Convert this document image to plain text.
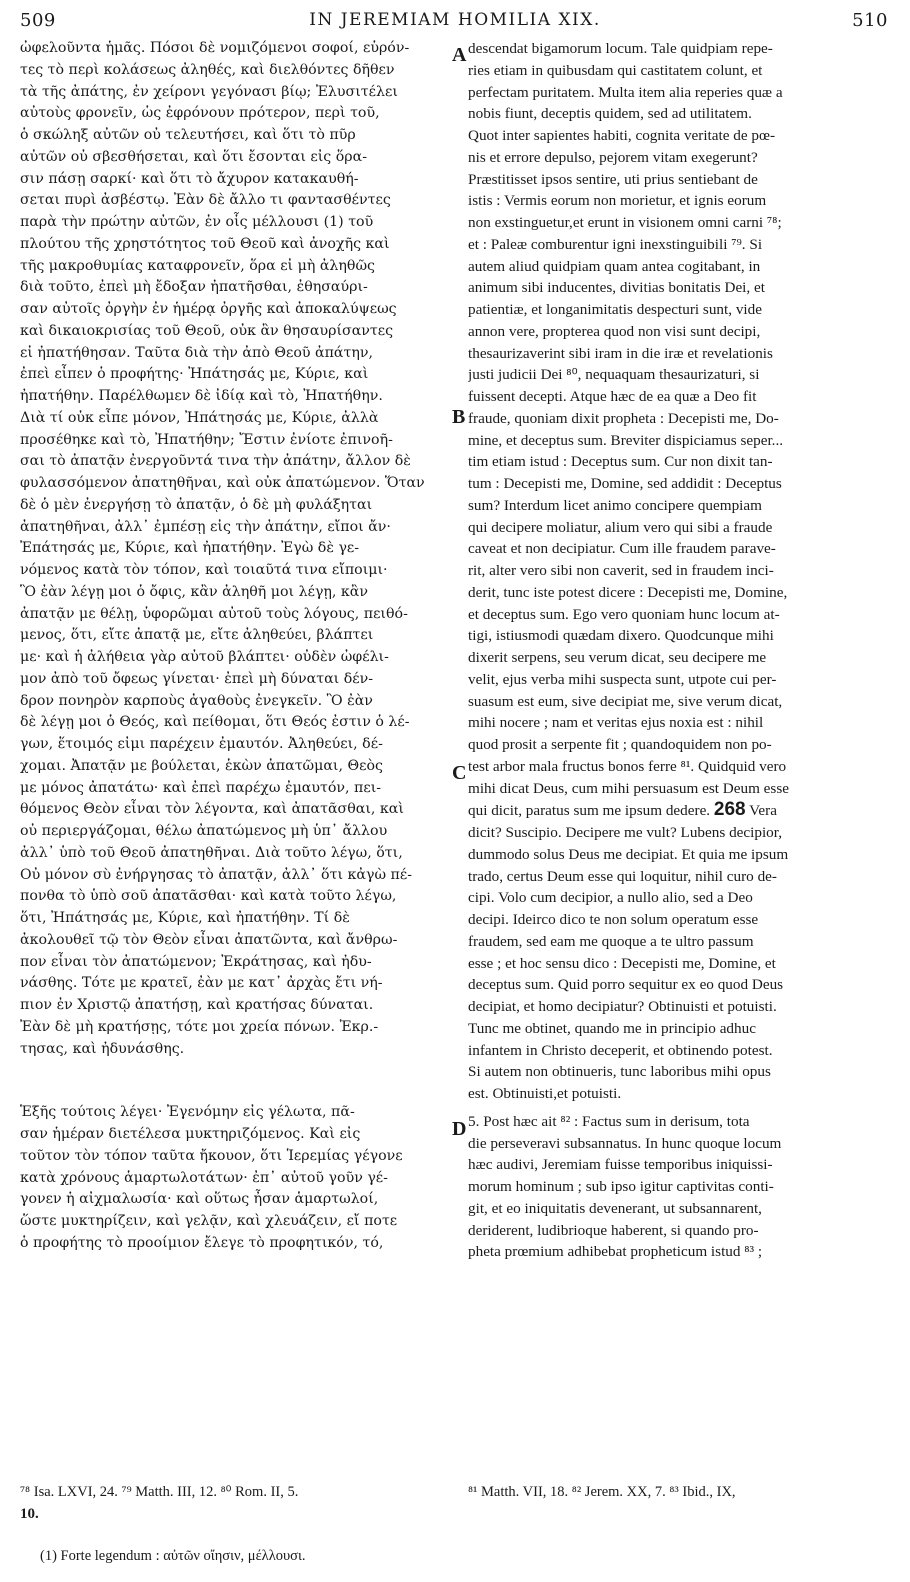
509	IN JEREMIAM HOMILIA XIX.	510
ὠφελοῦντα ἡμᾶς. Πόσοι δὲ νομιζόμενοι σοφοί, εὑρόν-
τες τὸ περὶ κολάσεως ἀληθές, καὶ διελθόντες δῆθεν
τὰ τῆς ἀπάτης, ἐν χείρονι γεγόνασι βίῳ; Ἐλυσιτέλει
αὐτοὺς φρονεῖν, ὡς ἐφρόνουν πρότερον, περὶ τοῦ,
ὁ σκώληξ αὐτῶν οὐ τελευτήσει, καὶ ὅτι τὸ πῦρ
αὐτῶν οὐ σβεσθήσεται, καὶ ὅτι ἔσονται εἰς ὅρα-
σιν πάσῃ σαρκί· καὶ ὅτι τὸ ἄχυρον κατακαυθή-
σεται πυρὶ ἀσβέστῳ. Ἐὰν δὲ ἄλλο τι φαντασθέντες
παρὰ τὴν πρώτην αὐτῶν, ἐν οἷς μέλλουσι (1) τοῦ
πλούτου τῆς χρηστότητος τοῦ Θεοῦ καὶ ἀνοχῆς καὶ
τῆς μακροθυμίας καταφρονεῖν, ὅρα εἰ μὴ ἀληθῶς
διὰ τοῦτο, ἐπεὶ μὴ ἔδοξαν ἠπατῆσθαι, ἐθησαύρι-
σαν αὐτοῖς ὀργὴν ἐν ἡμέρᾳ ὀργῆς καὶ ἀποκαλύψεως
καὶ δικαιοκρισίας τοῦ Θεοῦ, οὐκ ἂν θησαυρίσαντες
εἰ ἠπατήθησαν. Ταῦτα διὰ τὴν ἀπὸ Θεοῦ ἀπάτην,
ἐπεὶ εἶπεν ὁ προφήτης· Ἠπάτησάς με, Κύριε, καὶ
ἠπατήθην. Παρέλθωμεν δὲ ἰδίᾳ καὶ τὸ, Ἠπατήθην.
Διὰ τί οὐκ εἶπε μόνον, Ἠπάτησάς με, Κύριε, ἀλλὰ
προσέθηκε καὶ τὸ, Ἠπατήθην; Ἔστιν ἐνίοτε ἐπινοῆ-
σαι τὸ ἀπατᾷν ἐνεργοῦντά τινα τὴν ἀπάτην, ἄλλον δὲ
φυλασσόμενον ἀπατηθῆναι, καὶ οὐκ ἀπατώμενον. Ὅταν
δὲ ὁ μὲν ἐνεργήσῃ τὸ ἀπατᾷν, ὁ δὲ μὴ φυλάξηται
ἀπατηθῆναι, ἀλλ᾽ ἐμπέσῃ εἰς τὴν ἀπάτην, εἴποι ἄν·
Ἐπάτησάς με, Κύριε, καὶ ἠπατήθην. Ἐγὼ δὲ γε-
νόμενος κατὰ τὸν τόπον, καὶ τοιαῦτά τινα εἴποιμι·
Ὃ ἐὰν λέγῃ μοι ὁ ὄφις, κἂν ἀληθῆ μοι λέγῃ, κἂν
ἀπατᾷν με θέλῃ, ὑφορῶμαι αὐτοῦ τοὺς λόγους, πειθό-
μενος, ὅτι, εἴτε ἀπατᾷ με, εἴτε ἀληθεύει, βλάπτει
με· καὶ ἡ ἀλήθεια γὰρ αὐτοῦ βλάπτει· οὐδὲν ὠφέλι-
μον ἀπὸ τοῦ ὄφεως γίνεται· ἐπεὶ μὴ δύναται δέν-
δρον πονηρὸν καρποὺς ἀγαθοὺς ἐνεγκεῖν. Ὃ ἐὰν
δὲ λέγῃ μοι ὁ Θεός, καὶ πείθομαι, ὅτι Θεός ἐστιν ὁ λέ-
γων, ἕτοιμός εἰμι παρέχειν ἐμαυτόν. Ἀληθεύει, δέ-
χομαι. Ἀπατᾷν με βούλεται, ἑκὼν ἀπατῶμαι, Θεὸς
με μόνος ἀπατάτω· καὶ ἐπεὶ παρέχω ἐμαυτόν, πει-
θόμενος Θεὸν εἶναι τὸν λέγοντα, καὶ ἀπατᾶσθαι, καὶ
οὐ περιεργάζομαι, θέλω ἀπατώμενος μὴ ὑπ᾽ ἄλλου
ἀλλ᾽ ὑπὸ τοῦ Θεοῦ ἀπατηθῆναι. Διὰ τοῦτο λέγω, ὅτι,
Οὐ μόνον σὺ ἐνήργησας τὸ ἀπατᾷν, ἀλλ᾽ ὅτι κἀγὼ πέ-
πονθα τὸ ὑπὸ σοῦ ἀπατᾶσθαι· καὶ κατὰ τοῦτο λέγω,
ὅτι, Ἠπάτησάς με, Κύριε, καὶ ἠπατήθην. Τί δὲ
ἀκολουθεῖ τῷ τὸν Θεὸν εἶναι ἀπατῶντα, καὶ ἄνθρω-
πον εἶναι τὸν ἀπατώμενον; Ἐκράτησας, καὶ ἠδυ-
νάσθης. Τότε με κρατεῖ, ἐὰν με κατ᾽ ἀρχὰς ἔτι νή-
πιον ἐν Χριστῷ ἀπατήσῃ, καὶ κρατήσας δύναται.
Ἐὰν δὲ μὴ κρατήσῃς, τότε μοι χρεία πόνων. Ἐκρ.-
τησας, καὶ ἠδυνάσθης.
Ἑξῆς τούτοις λέγει· Ἐγενόμην εἰς γέλωτα, πᾶ-
σαν ἡμέραν διετέλεσα μυκτηριζόμενος. Καὶ εἰς
τοῦτον τὸν τόπον ταῦτα ἤκουον, ὅτι Ἱερεμίας γέγονε
κατὰ χρόνους ἁμαρτωλοτάτων· ἐπ᾽ αὐτοῦ γοῦν γέ-
γονεν ἡ αἰχμαλωσία· καὶ οὕτως ἦσαν ἁμαρτωλοί,
ὥστε μυκτηρίζειν, καὶ γελᾷν, καὶ χλευάζειν, εἴ ποτε
ὁ προφήτης τὸ προοίμιον ἔλεγε τὸ προφητικόν, τό,
descendat bigamorum locum. Tale quidpiam repe-
ries etiam in quibusdam qui castitatem colunt, et
perfectam puritatem. Multa item alia reperies quæ a
nobis fiunt, deceptis quidem, sed ad utilitatem.
Quot inter sapientes habiti, cognita veritate de pœ-
nis et errore depulso, pejorem vitam exegerunt?
Præstitisset ipsos sentire, uti prius sentiebant de
istis : Vermis eorum non morietur, et ignis eorum
non exstinguetur,et erunt in visionem omni carni ⁷⁸;
et : Paleæ comburentur igni inexstinguibili ⁷⁹. Si
autem aliud quidpiam quam antea cogitabant, in
animum sibi inducentes, divitias bonitatis Dei, et
patientiæ, et longanimitatis despecturi sunt, vide
annon vere, propterea quod non visi sunt decipi,
thesaurizaverint sibi iram in die iræ et revelationis
justi judicii Dei ⁸⁰, nequaquam thesaurizaturi, si
fuissent decepti. Atque hæc de ea quæ a Deo fit
fraude, quoniam dixit propheta : Decepisti me, Do-
mine, et deceptus sum. Breviter dispiciamus seper...
tim etiam istud : Deceptus sum. Cur non dixit tan-
tum : Decepisti me, Domine, sed addidit : Deceptus
sum? Interdum licet animo concipere quempiam
qui decipere moliatur, alium vero qui sibi a fraude
caveat et non decipiatur. Cum ille fraudem parave-
rit, alter vero sibi non caverit, sed in fraudem inci-
derit, tunc iste potest dicere : Decepisti me, Domine,
et deceptus sum. Ego vero quoniam hunc locum at-
tigi, istiusmodi quædam dixero. Quodcunque mihi
dixerit serpens, seu verum dicat, seu decipere me
velit, ejus verba mihi suspecta sunt, utpote cui per-
suasum est eum, sive decipiat me, sive verum dicat,
mihi nocere ; nam et veritas ejus noxia est : nihil
quod prosit a serpente fit ; quandoquidem non po-
test arbor mala fructus bonos ferre ⁸¹. Quidquid vero
mihi dicat Deus, cum mihi persuasum est Deum esse
qui dicit, paratus sum me ipsum dedere. 268 Vera
dicit? Suscipio. Decipere me vult? Lubens decipior,
dummodo solus Deus me decipiat. Et quia me ipsum
trado, certus Deum esse qui loquitur, nihil curo de-
cipi. Volo cum decipior, a nullo alio, sed a Deo
decipi. Ideirco dico te non solum operatum esse
fraudem, sed eam me quoque a te ultro passum
esse ; et hoc sensu dico : Decepisti me, Domine, et
deceptus sum. Quid porro sequitur ex eo quod Deus
decipiat, et homo decipiatur? Obtinuisti et potuisti.
Tunc me obtinet, quando me in principio adhuc
infantem in Christo deceperit, et obtinendo potest.
Si autem non obtinueris, tunc laboribus mihi opus
est. Obtinuisti,et potuisti.
5. Post hæc ait ⁸² : Factus sum in derisum, tota
die perseveravi subsannatus. In hunc quoque locum
hæc audivi, Jeremiam fuisse temporibus iniquissi-
morum hominum ; sub ipso igitur captivitas conti-
git, et eo iniquitatis devenerant, ut subsannarent,
deriderent, ludibrioque haberent, si quando pro-
pheta prœmium adhibebat propheticum istud ⁸³ ;
A
B
C
D
⁷⁸ Isa. LXVI, 24. ⁷⁹ Matth. III, 12. ⁸⁰ Rom. II, 5.
10.
⁸¹ Matth. VII, 18. ⁸² Jerem. XX, 7. ⁸³ Ibid., IX,
(1) Forte legendum : αὐτῶν οἴησιν, μέλλουσι.
